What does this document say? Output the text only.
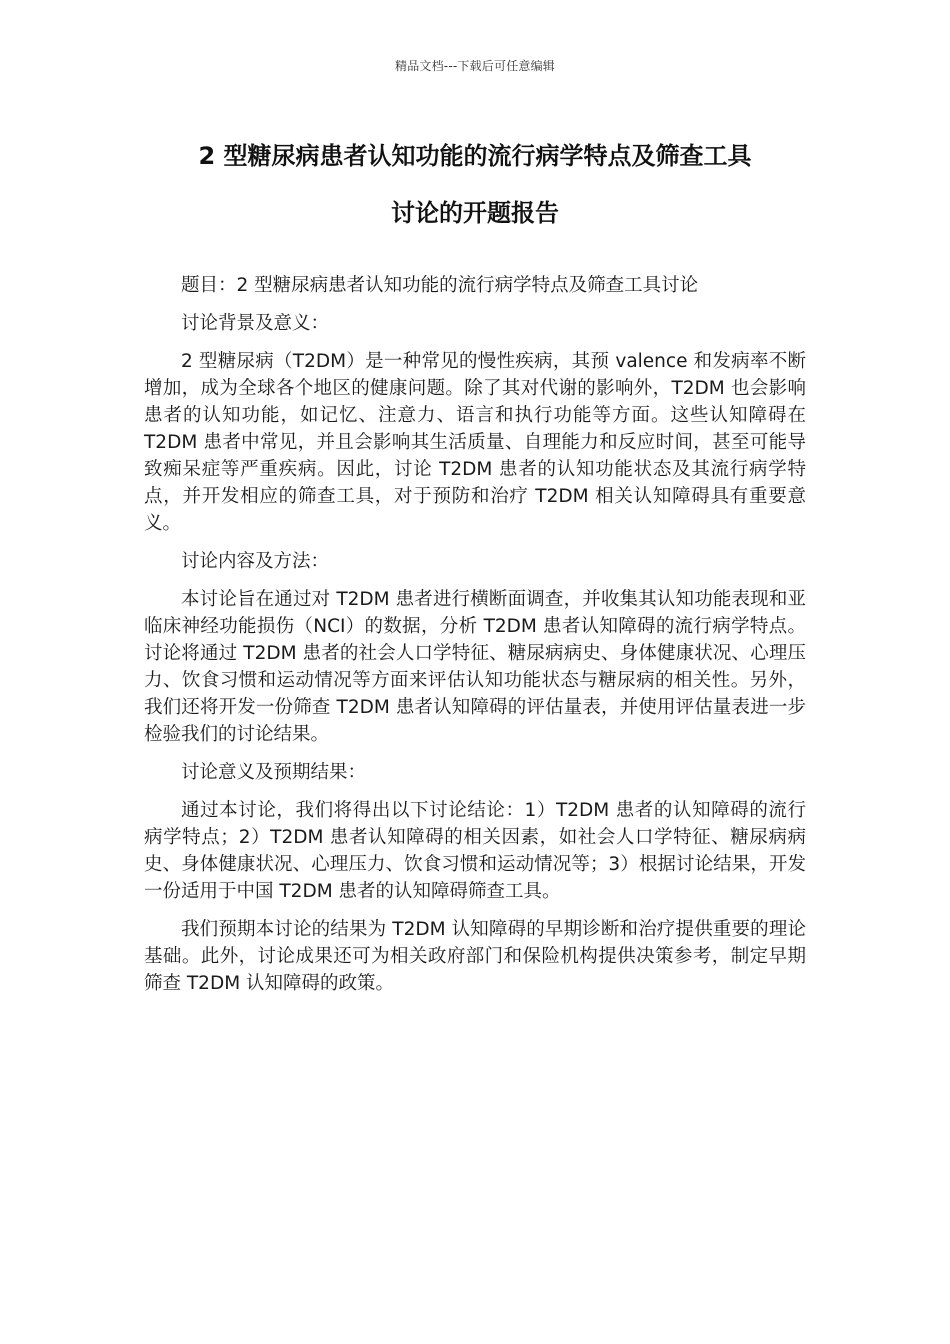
精品文档---下载后可任意编辑
2 型糖尿病患者认知功能的流行病学特点及筛查工具
讨论的开题报告

题目：2 型糖尿病患者认知功能的流行病学特点及筛查工具讨论

讨论背景及意义：

2 型糖尿病（T2DM）是一种常见的慢性疾病，其预 valence 和发病率不断增加，成为全球各个地区的健康问题。除了其对代谢的影响外，T2DM 也会影响患者的认知功能，如记忆、注意力、语言和执行功能等方面。这些认知障碍在 T2DM 患者中常见，并且会影响其生活质量、自理能力和反应时间，甚至可能导致痴呆症等严重疾病。因此，讨论 T2DM 患者的认知功能状态及其流行病学特点，并开发相应的筛查工具，对于预防和治疗 T2DM 相关认知障碍具有重要意义。

讨论内容及方法：

本讨论旨在通过对 T2DM 患者进行横断面调查，并收集其认知功能表现和亚临床神经功能损伤（NCI）的数据，分析 T2DM 患者认知障碍的流行病学特点。讨论将通过 T2DM 患者的社会人口学特征、糖尿病病史、身体健康状况、心理压力、饮食习惯和运动情况等方面来评估认知功能状态与糖尿病的相关性。另外，我们还将开发一份筛查 T2DM 患者认知障碍的评估量表，并使用评估量表进一步检验我们的讨论结果。

讨论意义及预期结果：

通过本讨论，我们将得出以下讨论结论：1）T2DM 患者的认知障碍的流行病学特点；2）T2DM 患者认知障碍的相关因素，如社会人口学特征、糖尿病病史、身体健康状况、心理压力、饮食习惯和运动情况等；3）根据讨论结果，开发一份适用于中国 T2DM 患者的认知障碍筛查工具。

我们预期本讨论的结果为 T2DM 认知障碍的早期诊断和治疗提供重要的理论基础。此外，讨论成果还可为相关政府部门和保险机构提供决策参考，制定早期筛查 T2DM 认知障碍的政策。
